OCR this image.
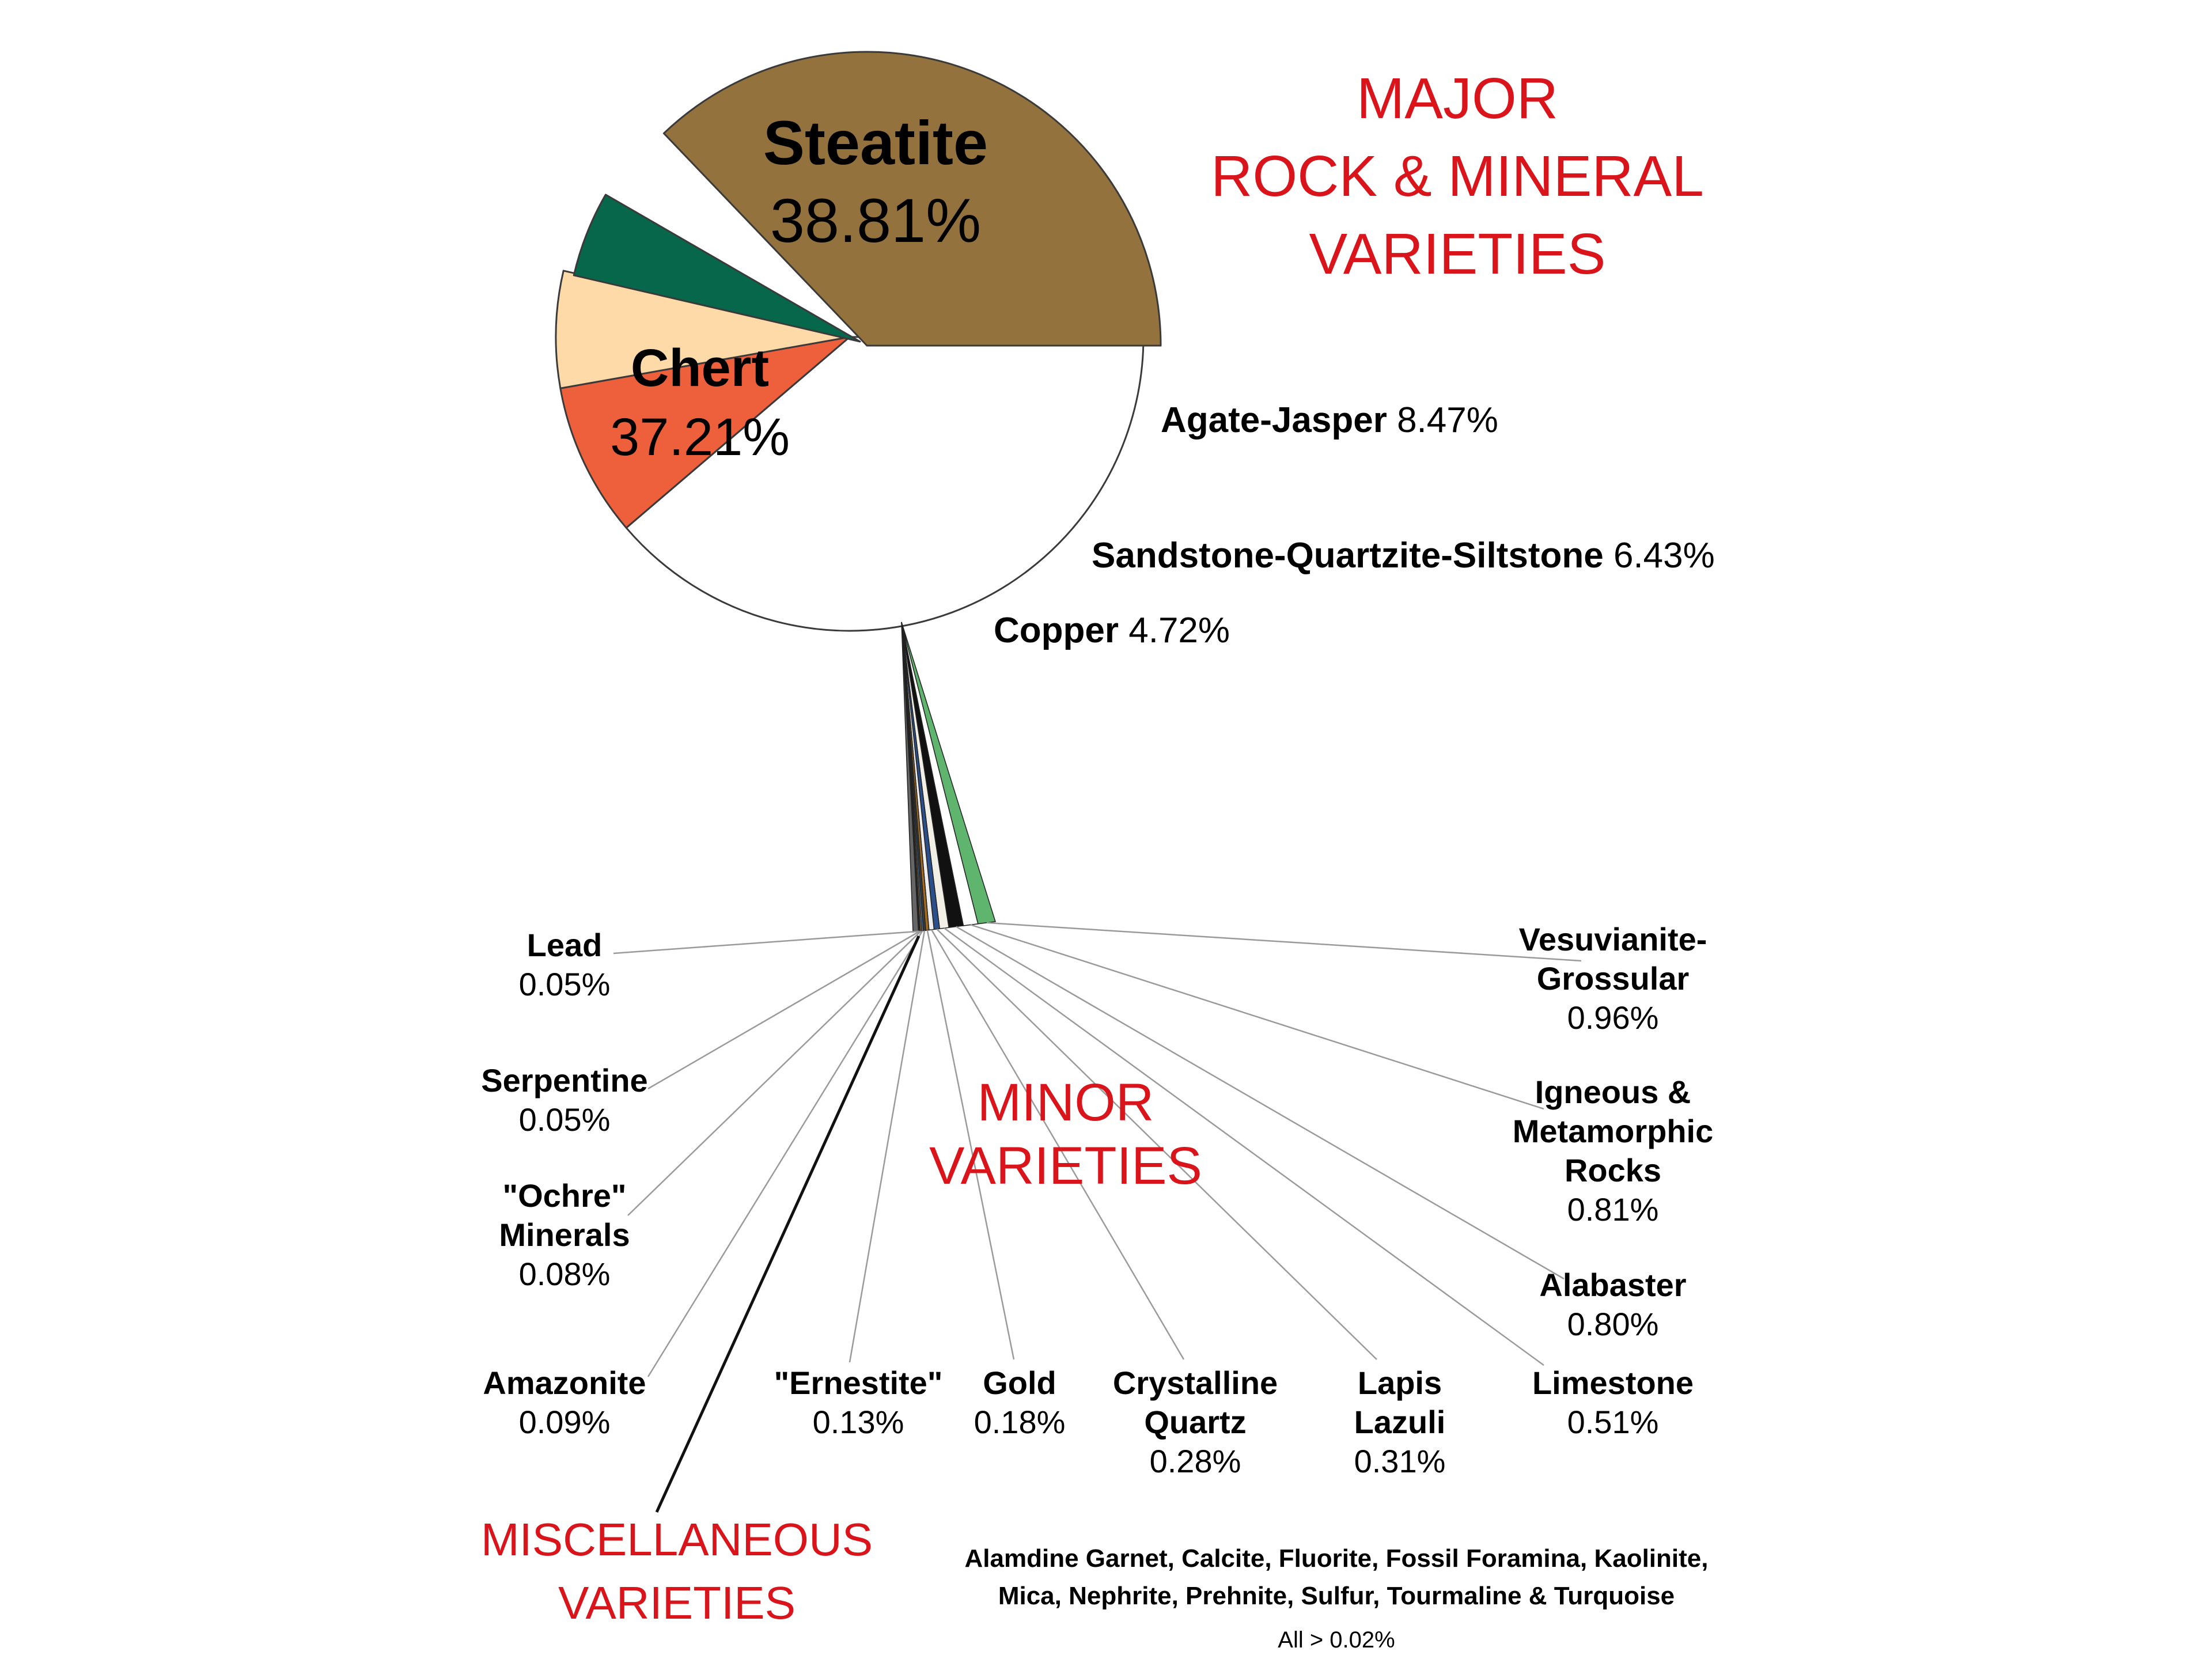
Steatite
38.81%
Chert
37.21%	Agate-Jasper 8.47%
Sandstone-Quartzite-Siltstone 6.43%
Copper 4.72%
MAJOR
ROCK & MINERAL
VARIETIES
Vesuvianite-
Grossular
0.96%
Igneous &
Metamorphic
Rocks
0.81%
Alabaster
0.80%
Limestone
0.51%
Lapis
Lazuli
0.31%
Crystalline
Quartz
0.28%
Gold
0.18%
"Ernestite"
0.13%
Amazonite
0.09%
"Ochre"
Minerals
0.08%
Serpentine
0.05%
Lead
0.05%
MINOR
VARIETIES
MISCELLANEOUS
VARIETIES
Alamdine Garnet, Calcite, Fluorite, Fossil Foramina, Kaolinite,
Mica, Nephrite, Prehnite, Sulfur, Tourmaline & Turquoise
All > 0.02%
